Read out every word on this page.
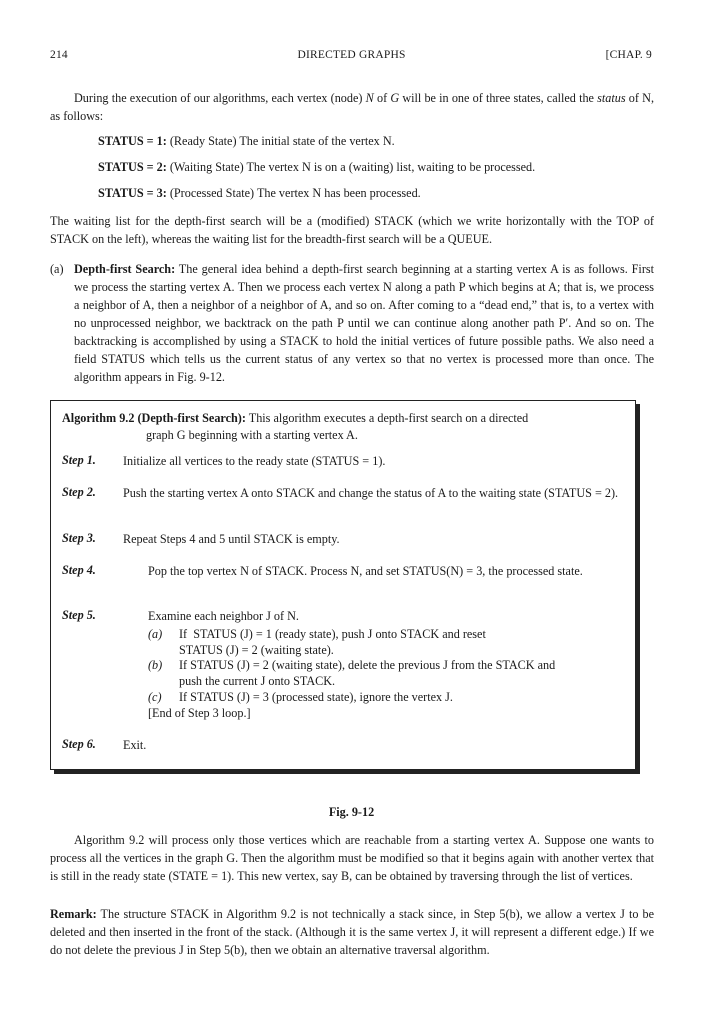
214	DIRECTED GRAPHS	[CHAP. 9
During the execution of our algorithms, each vertex (node) N of G will be in one of three states, called the status of N, as follows:
STATUS = 1: (Ready State) The initial state of the vertex N.
STATUS = 2: (Waiting State) The vertex N is on a (waiting) list, waiting to be processed.
STATUS = 3: (Processed State) The vertex N has been processed.
The waiting list for the depth-first search will be a (modified) STACK (which we write horizontally with the TOP of STACK on the left), whereas the waiting list for the breadth-first search will be a QUEUE.
(a) Depth-first Search: The general idea behind a depth-first search beginning at a starting vertex A is as follows. First we process the starting vertex A. Then we process each vertex N along a path P which begins at A; that is, we process a neighbor of A, then a neighbor of a neighbor of A, and so on. After coming to a “dead end,” that is, to a vertex with no unprocessed neighbor, we backtrack on the path P until we can continue along another path P′. And so on. The backtracking is accomplished by using a STACK to hold the initial vertices of future possible paths. We also need a field STATUS which tells us the current status of any vertex so that no vertex is processed more than once. The algorithm appears in Fig. 9-12.
Algorithm 9.2 (Depth-first Search): This algorithm executes a depth-first search on a directed
graph G beginning with a starting vertex A.
Step 1. Initialize all vertices to the ready state (STATUS = 1).
Step 2. Push the starting vertex A onto STACK and change the status of A to the waiting state (STATUS = 2).
Step 3. Repeat Steps 4 and 5 until STACK is empty.
Step 4.	Pop the top vertex N of STACK. Process N, and set STATUS(N) = 3, the processed state.
Step 5.	Examine each neighbor J of N.
(a) If  STATUS (J) = 1 (ready state), push J onto STACK and reset
STATUS (J) = 2 (waiting state).
(b) If STATUS (J) = 2 (waiting state), delete the previous J from the STACK and
push the current J onto STACK.
(c) If STATUS (J) = 3 (processed state), ignore the vertex J.
[End of Step 3 loop.]
Step 6. Exit.
Fig. 9-12
Algorithm 9.2 will process only those vertices which are reachable from a starting vertex A. Suppose one wants to process all the vertices in the graph G. Then the algorithm must be modified so that it begins again with another vertex that is still in the ready state (STATE = 1). This new vertex, say B, can be obtained by traversing through the list of vertices.
Remark: The structure STACK in Algorithm 9.2 is not technically a stack since, in Step 5(b), we allow a vertex J to be deleted and then inserted in the front of the stack. (Although it is the same vertex J, it will represent a different edge.) If we do not delete the previous J in Step 5(b), then we obtain an alternative traversal algorithm.
